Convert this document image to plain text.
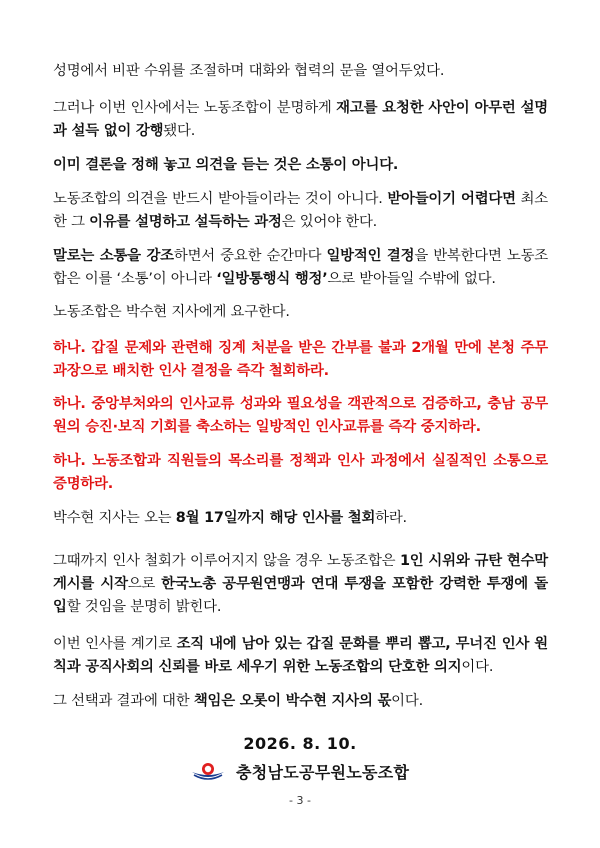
성명에서 비판 수위를 조절하며 대화와 협력의 문을 열어두었다.

그러나 이번 인사에서는 노동조합이 분명하게 재고를 요청한 사안이 아무런 설명과 설득 없이 강행됐다.

이미 결론을 정해 놓고 의견을 듣는 것은 소통이 아니다.

노동조합의 의견을 반드시 받아들이라는 것이 아니다. 받아들이기 어렵다면 최소한 그 이유를 설명하고 설득하는 과정은 있어야 한다.

말로는 소통을 강조하면서 중요한 순간마다 일방적인 결정을 반복한다면 노동조합은 이를 ‘소통’이 아니라 ‘일방통행식 행정’으로 받아들일 수밖에 없다.

노동조합은 박수현 지사에게 요구한다.

하나. 갑질 문제와 관련해 징계 처분을 받은 간부를 불과 2개월 만에 본청 주무과장으로 배치한 인사 결정을 즉각 철회하라.

하나. 중앙부처와의 인사교류 성과와 필요성을 객관적으로 검증하고, 충남 공무원의 승진·보직 기회를 축소하는 일방적인 인사교류를 즉각 중지하라.

하나. 노동조합과 직원들의 목소리를 정책과 인사 과정에서 실질적인 소통으로 증명하라.

박수현 지사는 오는 8월 17일까지 해당 인사를 철회하라.

그때까지 인사 철회가 이루어지지 않을 경우 노동조합은 1인 시위와 규탄 현수막 게시를 시작으로 한국노총 공무원연맹과 연대 투쟁을 포함한 강력한 투쟁에 돌입할 것임을 분명히 밝힌다.

이번 인사를 계기로 조직 내에 남아 있는 갑질 문화를 뿌리 뽑고, 무너진 인사 원칙과 공직사회의 신뢰를 바로 세우기 위한 노동조합의 단호한 의지이다.

그 선택과 결과에 대한 책임은 오롯이 박수현 지사의 몫이다.

2026. 8. 10.
충청남도공무원노동조합
- 3 -
